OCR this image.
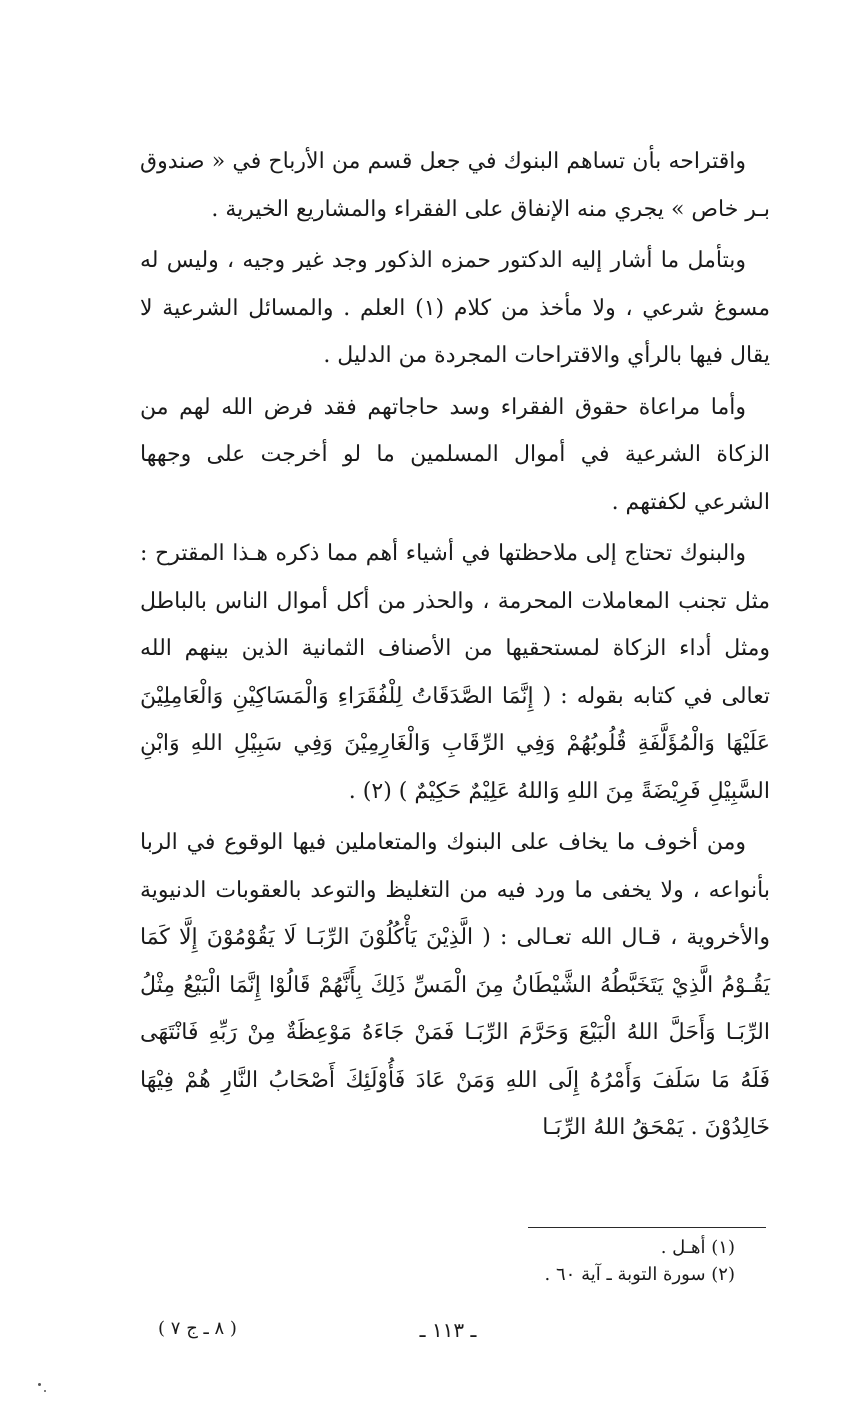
واقتراحه بأن تساهم البنوك في جعل قسم من الأرباح في « صندوق بـر خاص » يجري منه الإنفاق على الفقراء والمشاريع الخيرية .

وبتأمل ما أشار إليه الدكتور حمزه الذكور وجد غير وجيه ، وليس له مسوغ شرعي ، ولا مأخذ من كلام (١) العلم . والمسائل الشرعية لا يقال فيها بالرأي والاقتراحات المجردة من الدليل .

وأما مراعاة حقوق الفقراء وسد حاجاتهم فقد فرض الله لهم من الزكاة الشرعية في أموال المسلمين ما لو أخرجت على وجهها الشرعي لكفتهم .

والبنوك تحتاج إلى ملاحظتها في أشياء أهم مما ذكره هـذا المقترح : مثل تجنب المعاملات المحرمة ، والحذر من أكل أموال الناس بالباطل ومثل أداء الزكاة لمستحقيها من الأصناف الثمانية الذين بينهم الله تعالى في كتابه بقوله : ( إِنَّمَا الصَّدَقَاتُ لِلْفُقَرَاءِ وَالْمَسَاكِيْنِ وَالْعَامِلِيْنَ عَلَيْهَا وَالْمُؤَلَّفَةِ قُلُوبُهُمْ وَفِي الرِّقَابِ وَالْغَارِمِيْنَ وَفِي سَبِيْلِ اللهِ وَابْنِ السَّبِيْلِ فَرِيْضَةً مِنَ اللهِ وَاللهُ عَلِيْمٌ حَكِيْمٌ ) (٢) .

ومن أخوف ما يخاف على البنوك والمتعاملين فيها الوقوع في الربا بأنواعه ، ولا يخفى ما ورد فيه من التغليظ والتوعد بالعقوبات الدنيوية والأخروية ، قـال الله تعـالى : ( الَّذِيْنَ يَأْكُلُوْنَ الرِّبَـا لَا يَقُوْمُوْنَ إِلَّا كَمَا يَقُـوْمُ الَّذِيْ يَتَخَبَّطُهُ الشَّيْطَانُ مِنَ الْمَسِّ ذَلِكَ بِأَنَّهُمْ قَالُوْا إِنَّمَا الْبَيْعُ مِثْلُ الرِّبَـا وَأَحَلَّ اللهُ الْبَيْعَ وَحَرَّمَ الرِّبَـا فَمَنْ جَاءَهُ مَوْعِظَةٌ مِنْ رَبِّهِ فَانْتَهَى فَلَهُ مَا سَلَفَ وَأَمْرُهُ إِلَى اللهِ وَمَنْ عَادَ فَأُوْلَئِكَ أَصْحَابُ النَّارِ هُمْ فِيْهَا خَالِدُوْنَ . يَمْحَقُ اللهُ الرِّبَـا

(١) أهـل .

(٢) سورة التوبة ـ آية ٦٠ .

ـ ١١٣ ـ
( ٨ ـ ج ٧ )
